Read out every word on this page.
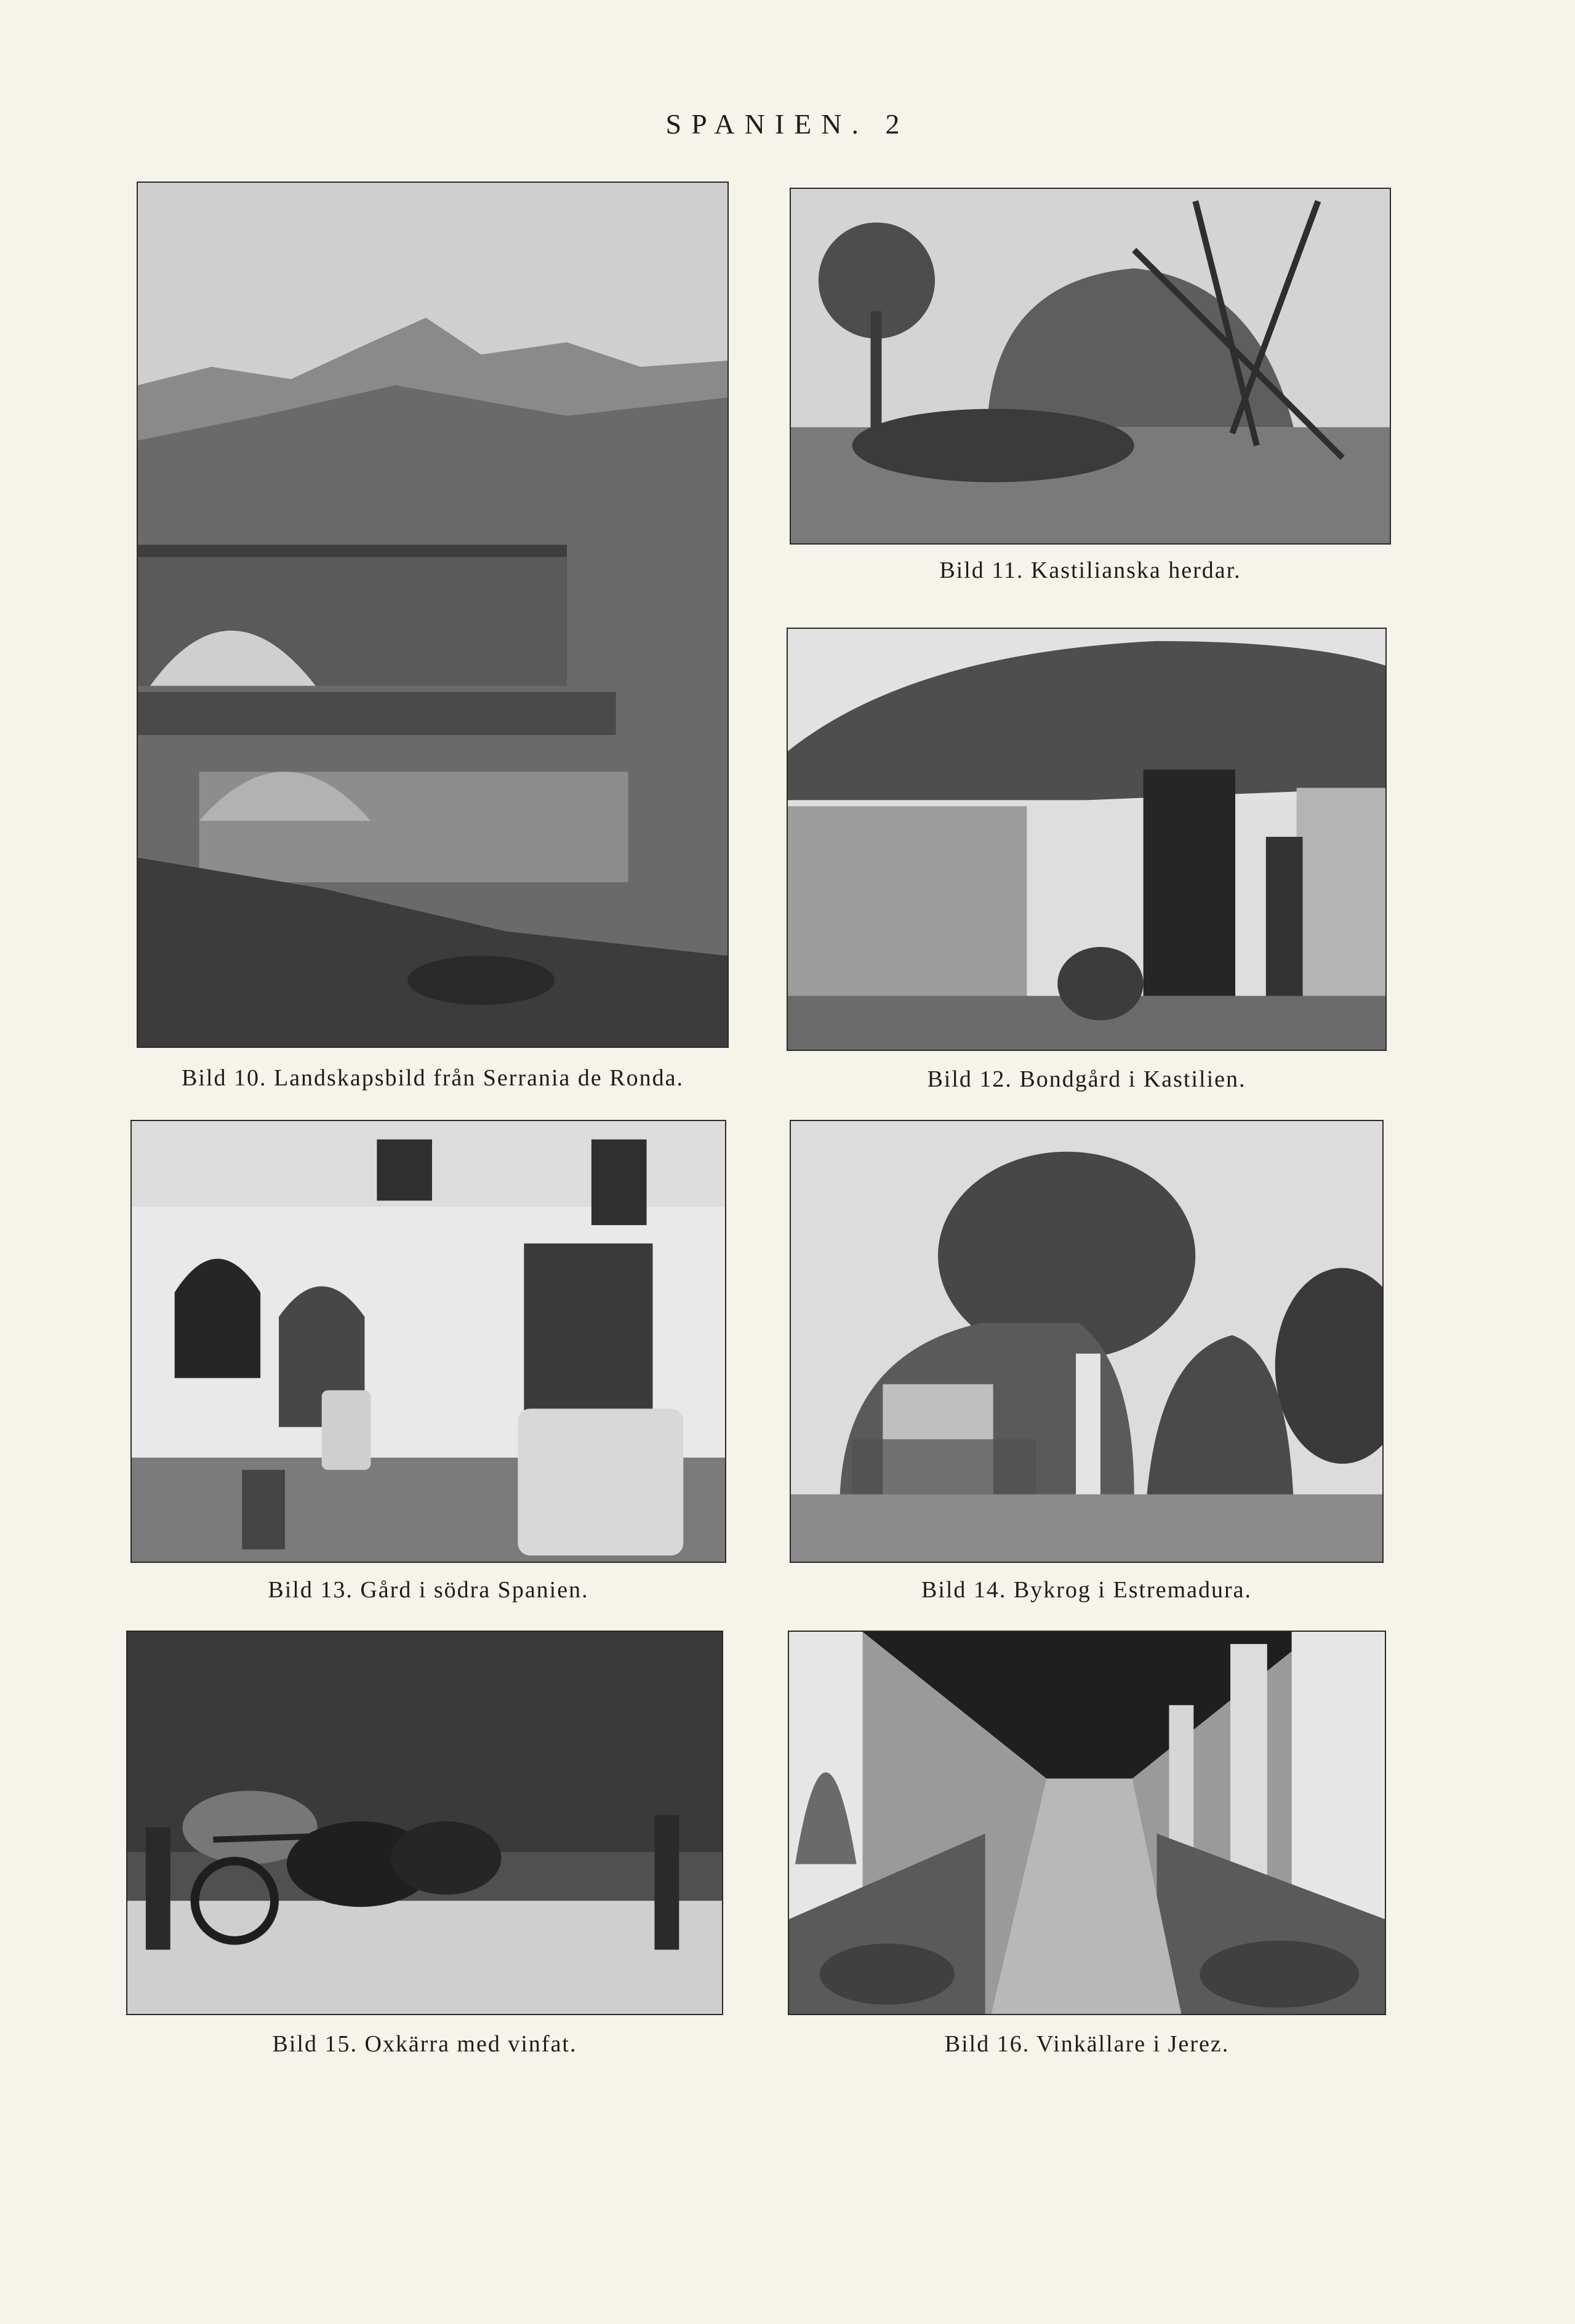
SPANIEN. 2
Bild 10. Landskapsbild från Serrania de Ronda.
Bild 11. Kastilianska herdar.
Bild 12. Bondgård i Kastilien.
Bild 13. Gård i södra Spanien.	Bild 14. Bykrog i Estremadura.
Bild 15. Oxkärra med vinfat.	Bild 16. Vinkällare i Jerez.
